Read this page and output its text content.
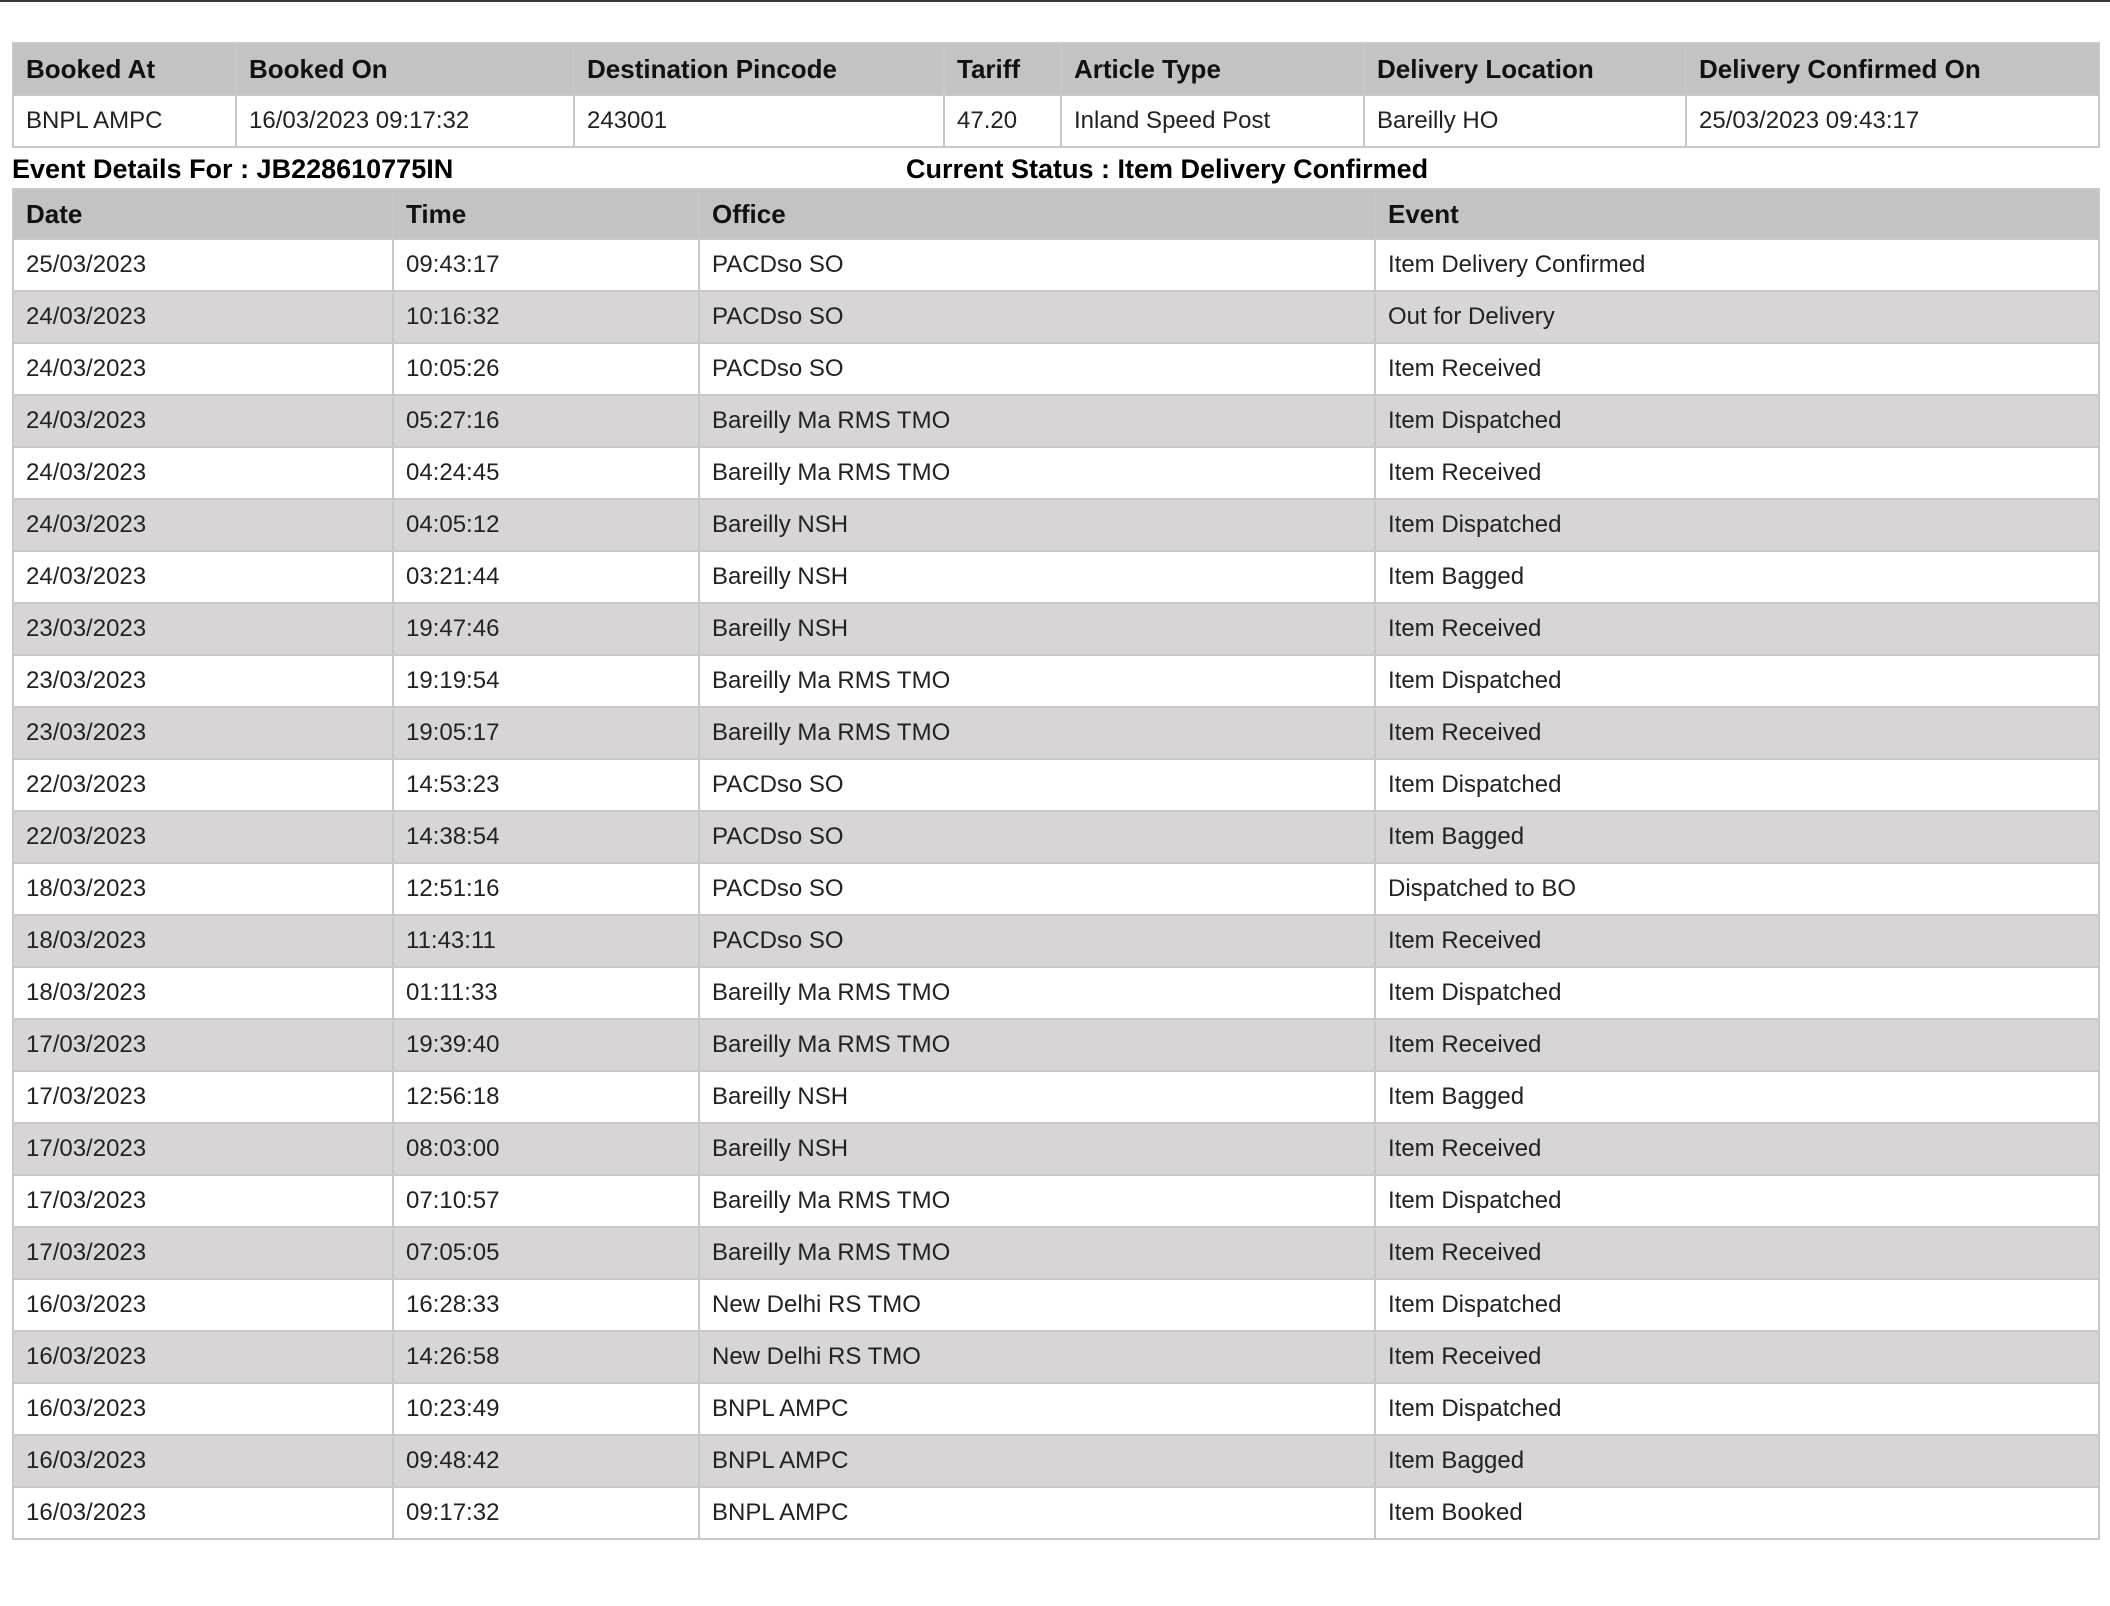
Booked At	Booked On	Destination Pincode	Tariff	Article Type	Delivery Location	Delivery Confirmed On
BNPL AMPC	16/03/2023 09:17:32	243001	47.20	Inland Speed Post	Bareilly HO	25/03/2023 09:43:17
Event Details For : JB228610775IN	Current Status : Item Delivery Confirmed
Date	Time	Office	Event
25/03/2023	09:43:17	PACDso SO	Item Delivery Confirmed
24/03/2023	10:16:32	PACDso SO	Out for Delivery
24/03/2023	10:05:26	PACDso SO	Item Received
24/03/2023	05:27:16	Bareilly Ma RMS TMO	Item Dispatched
24/03/2023	04:24:45	Bareilly Ma RMS TMO	Item Received
24/03/2023	04:05:12	Bareilly NSH	Item Dispatched
24/03/2023	03:21:44	Bareilly NSH	Item Bagged
23/03/2023	19:47:46	Bareilly NSH	Item Received
23/03/2023	19:19:54	Bareilly Ma RMS TMO	Item Dispatched
23/03/2023	19:05:17	Bareilly Ma RMS TMO	Item Received
22/03/2023	14:53:23	PACDso SO	Item Dispatched
22/03/2023	14:38:54	PACDso SO	Item Bagged
18/03/2023	12:51:16	PACDso SO	Dispatched to BO
18/03/2023	11:43:11	PACDso SO	Item Received
18/03/2023	01:11:33	Bareilly Ma RMS TMO	Item Dispatched
17/03/2023	19:39:40	Bareilly Ma RMS TMO	Item Received
17/03/2023	12:56:18	Bareilly NSH	Item Bagged
17/03/2023	08:03:00	Bareilly NSH	Item Received
17/03/2023	07:10:57	Bareilly Ma RMS TMO	Item Dispatched
17/03/2023	07:05:05	Bareilly Ma RMS TMO	Item Received
16/03/2023	16:28:33	New Delhi RS TMO	Item Dispatched
16/03/2023	14:26:58	New Delhi RS TMO	Item Received
16/03/2023	10:23:49	BNPL AMPC	Item Dispatched
16/03/2023	09:48:42	BNPL AMPC	Item Bagged
16/03/2023	09:17:32	BNPL AMPC	Item Booked
